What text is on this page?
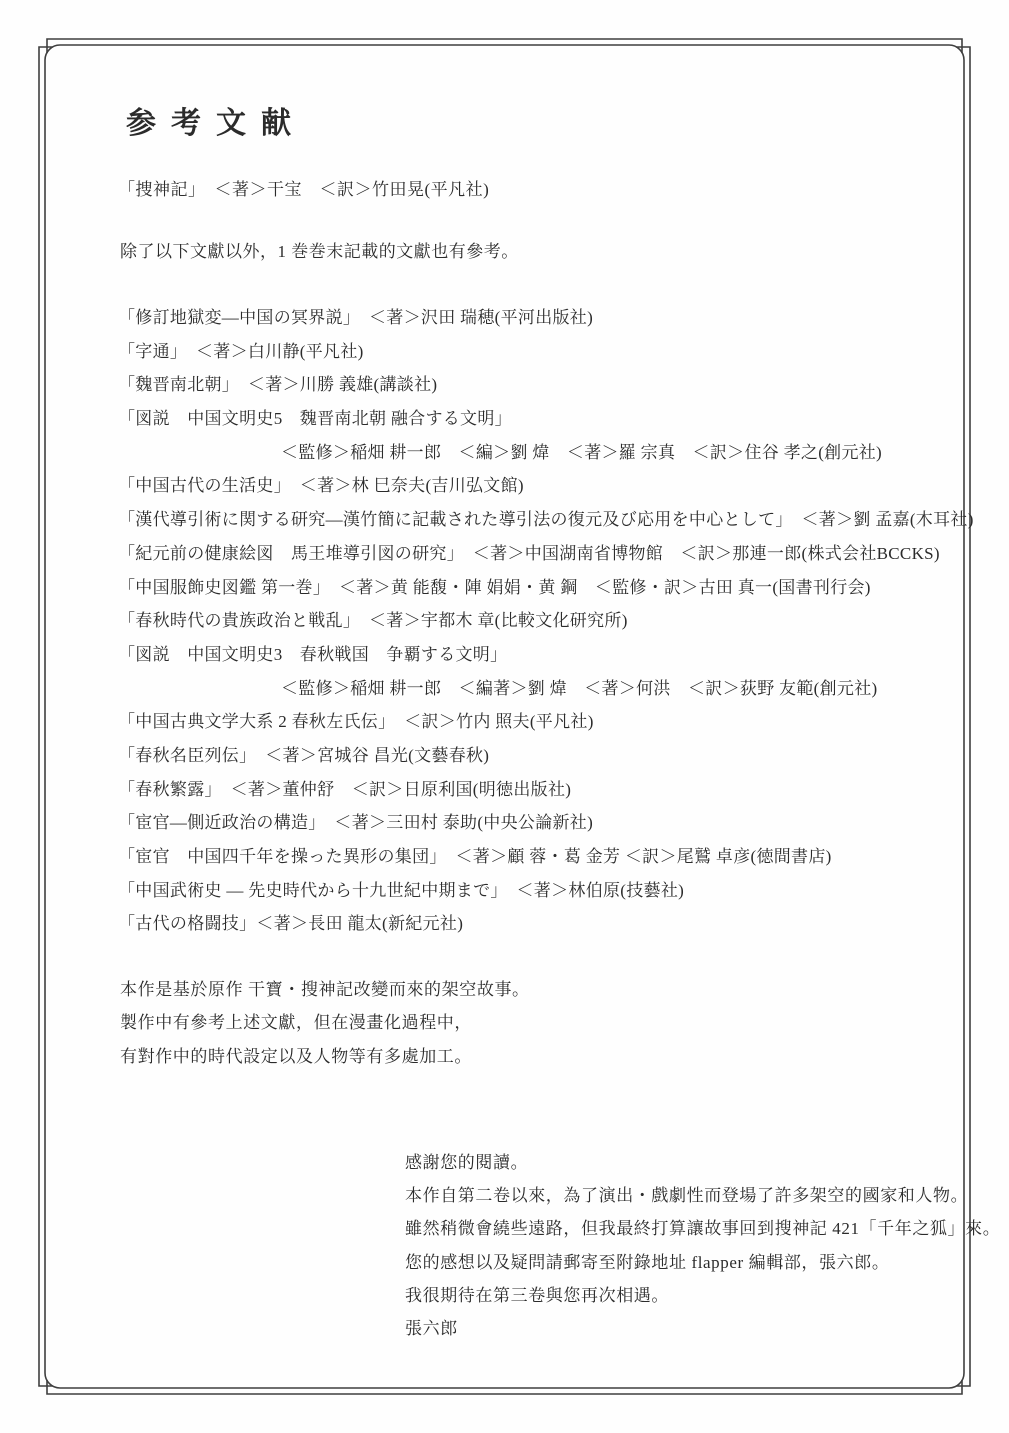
参考文献
「捜神記」　＜著＞干宝　＜訳＞竹田晃(平凡社)
除了以下文獻以外，1 巻巻末記載的文獻也有參考。
「修訂地獄変―中国の冥界説」　＜著＞沢田 瑞穂(平河出版社)
「字通」　＜著＞白川静(平凡社)
「魏晋南北朝」　＜著＞川勝 義雄(講談社)
「図説　中国文明史5　魏晋南北朝 融合する文明」
＜監修＞稲畑 耕一郎　＜編＞劉 煒　＜著＞羅 宗真　＜訳＞住谷 孝之(創元社)
「中国古代の生活史」　＜著＞林 巳奈夫(吉川弘文館)
「漢代導引術に関する研究―漢竹簡に記載された導引法の復元及び応用を中心として」　＜著＞劉 孟嘉(木耳社)
「紀元前の健康絵図　馬王堆導引図の研究」　＜著＞中国湖南省博物館　＜訳＞那連一郎(株式会社BCCKS)
「中国服飾史図鑑 第一巻」　＜著＞黄 能馥・陣 娟娟・黄 鋼　＜監修・訳＞古田 真一(国書刊行会)
「春秋時代の貴族政治と戦乱」　＜著＞宇都木 章(比較文化研究所)
「図説　中国文明史3　春秋戦国　争覇する文明」
＜監修＞稲畑 耕一郎　＜編著＞劉 煒　＜著＞何洪　＜訳＞荻野 友範(創元社)
「中国古典文学大系 2 春秋左氏伝」　＜訳＞竹内 照夫(平凡社)
「春秋名臣列伝」　＜著＞宮城谷 昌光(文藝春秋)
「春秋繁露」　＜著＞董仲舒　＜訳＞日原利国(明徳出版社)
「宦官―側近政治の構造」　＜著＞三田村 泰助(中央公論新社)
「宦官　中国四千年を操った異形の集団」　＜著＞顧 蓉・葛 金芳 ＜訳＞尾鷲 卓彦(徳間書店)
「中国武術史 ― 先史時代から十九世紀中期まで」　＜著＞林伯原(技藝社)
「古代の格闘技」＜著＞長田 龍太(新紀元社)
本作是基於原作 干寶・搜神記改變而來的架空故事。
製作中有參考上述文獻，但在漫畫化過程中，
有對作中的時代設定以及人物等有多處加工。
感謝您的閱讀。
本作自第二卷以來，為了演出・戲劇性而登場了許多架空的國家和人物。
雖然稍微會繞些遠路，但我最終打算讓故事回到搜神記 421「千年之狐」來。
您的感想以及疑問請郵寄至附錄地址 flapper 編輯部，張六郎。
我很期待在第三卷與您再次相遇。
張六郎
